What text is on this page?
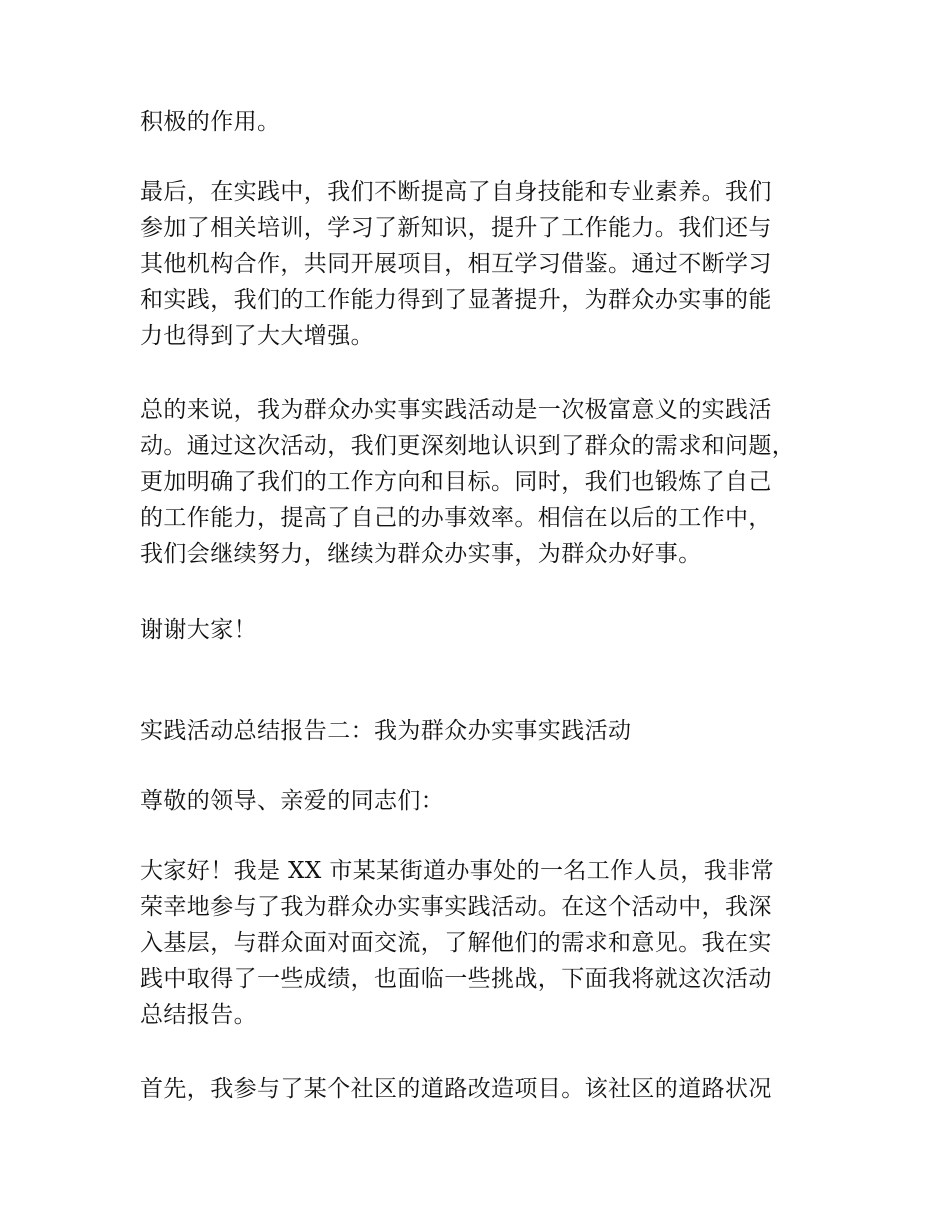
积极的作用。
最后，在实践中，我们不断提高了自身技能和专业素养。我们
参加了相关培训，学习了新知识，提升了工作能力。我们还与
其他机构合作，共同开展项目，相互学习借鉴。通过不断学习
和实践，我们的工作能力得到了显著提升，为群众办实事的能
力也得到了大大增强。
总的来说，我为群众办实事实践活动是一次极富意义的实践活
动。通过这次活动，我们更深刻地认识到了群众的需求和问题，
更加明确了我们的工作方向和目标。同时，我们也锻炼了自己
的工作能力，提高了自己的办事效率。相信在以后的工作中，
我们会继续努力，继续为群众办实事，为群众办好事。
谢谢大家！
实践活动总结报告二：我为群众办实事实践活动
尊敬的领导、亲爱的同志们：
大家好！我是 XX 市某某街道办事处的一名工作人员，我非常
荣幸地参与了我为群众办实事实践活动。在这个活动中，我深
入基层，与群众面对面交流，了解他们的需求和意见。我在实
践中取得了一些成绩，也面临一些挑战，下面我将就这次活动
总结报告。
首先，我参与了某个社区的道路改造项目。该社区的道路状况
